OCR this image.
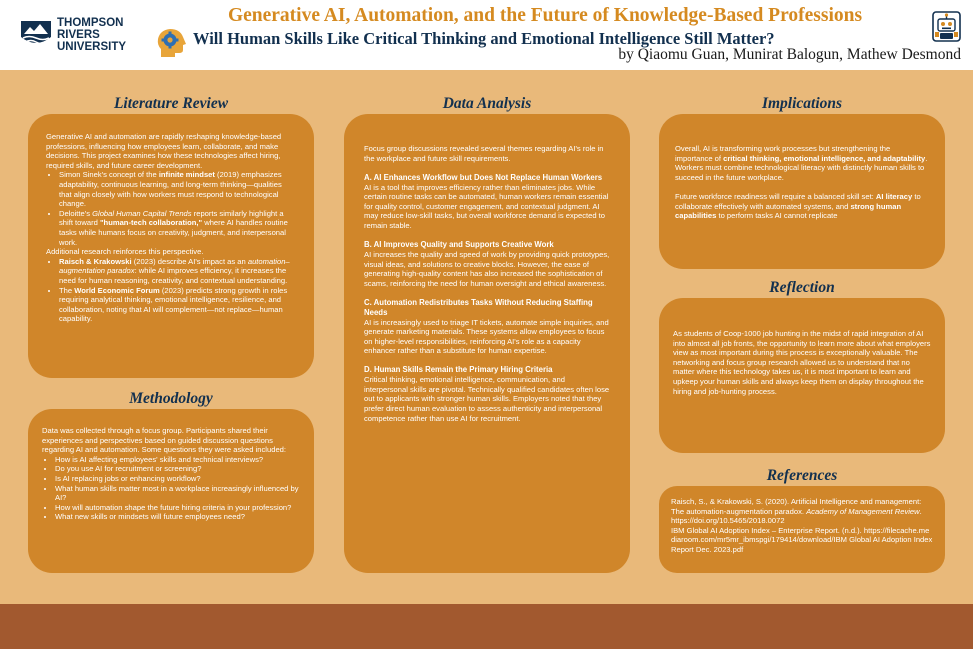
THOMPSON
RIVERS
UNIVERSITY
Generative AI, Automation, and the Future of Knowledge-Based Professions
Will Human Skills Like Critical Thinking and Emotional Intelligence Still Matter?
by Qiaomu Guan, Munirat Balogun, Mathew Desmond
Literature Review

Generative AI and automation are rapidly reshaping knowledge-based professions, influencing how employees learn, collaborate, and make decisions. This project examines how these technologies affect hiring, required skills, and future career development.

• Simon Sinek's concept of the infinite mindset (2019) emphasizes adaptability, continuous learning, and long-term thinking—qualities that align closely with how workers must respond to technological change.
• Deloitte's Global Human Capital Trends reports similarly highlight a shift toward "human-tech collaboration," where AI handles routine tasks while humans focus on creativity, judgment, and interpersonal work.

Additional research reinforces this perspective.

• Raisch & Krakowski (2023) describe AI's impact as an automation–augmentation paradox: while AI improves efficiency, it increases the need for human reasoning, creativity, and contextual understanding.
• The World Economic Forum (2023) predicts strong growth in roles requiring analytical thinking, emotional intelligence, resilience, and collaboration, noting that AI will complement—not replace—human capability.
Methodology

Data was collected through a focus group. Participants shared their experiences and perspectives based on guided discussion questions regarding AI and automation. Some questions they were asked included:

• How is AI affecting employees' skills and technical interviews?
• Do you use AI for recruitment or screening?
• Is AI replacing jobs or enhancing workflow?
• What human skills matter most in a workplace increasingly influenced by AI?
• How will automation shape the future hiring criteria in your profession?
• What new skills or mindsets will future employees need?
Data Analysis

Focus group discussions revealed several themes regarding AI's role in the workplace and future skill requirements.

A. AI Enhances Workflow but Does Not Replace Human Workers

AI is a tool that improves efficiency rather than eliminates jobs. While certain routine tasks can be automated, human workers remain essential for quality control, customer engagement, and contextual judgment. AI may reduce low-skill tasks, but overall workforce demand is expected to remain stable.

B. AI Improves Quality and Supports Creative Work

AI increases the quality and speed of work by providing quick prototypes, visual ideas, and solutions to creative blocks. However, the ease of generating high-quality content has also increased the sophistication of scams, reinforcing the need for human oversight and ethical awareness.

C. Automation Redistributes Tasks Without Reducing Staffing Needs

AI is increasingly used to triage IT tickets, automate simple inquiries, and generate marketing materials. These systems allow employees to focus on higher-level responsibilities, reinforcing AI's role as a capacity enhancer rather than a substitute for human expertise.

D. Human Skills Remain the Primary Hiring Criteria

Critical thinking, emotional intelligence, communication, and interpersonal skills are pivotal. Technically qualified candidates often lose out to applicants with stronger human skills. Employers noted that they prefer direct human evaluation to assess authenticity and interpersonal competence rather than use AI for recruitment.

Implications

Overall, AI is transforming work processes but strengthening the importance of critical thinking, emotional intelligence, and adaptability. Workers must combine technological literacy with distinctly human skills to succeed in the future workplace.

Future workforce readiness will require a balanced skill set: AI literacy to collaborate effectively with automated systems, and strong human capabilities to perform tasks AI cannot replicate

Reflection

As students of Coop-1000 job hunting in the midst of rapid integration of AI into almost all job fronts, the opportunity to learn more about what employers view as most important during this process is exceptionally valuable. The networking and focus group research allowed us to understand that no matter where this technology takes us, it is most important to learn and upkeep your human skills and always keep them on display throughout the hiring and job-hunting process.

References

Raisch, S., & Krakowski, S. (2020). Artificial Intelligence and management: The automation-augmentation paradox. Academy of Management Review. https://doi.org/10.5465/2018.0072

IBM Global AI Adoption Index – Enterprise Report. (n.d.). https://filecache.mediaroom.com/mr5mr_ibmspgi/179414/download/IBM Global AI Adoption Index Report Dec. 2023.pdf
